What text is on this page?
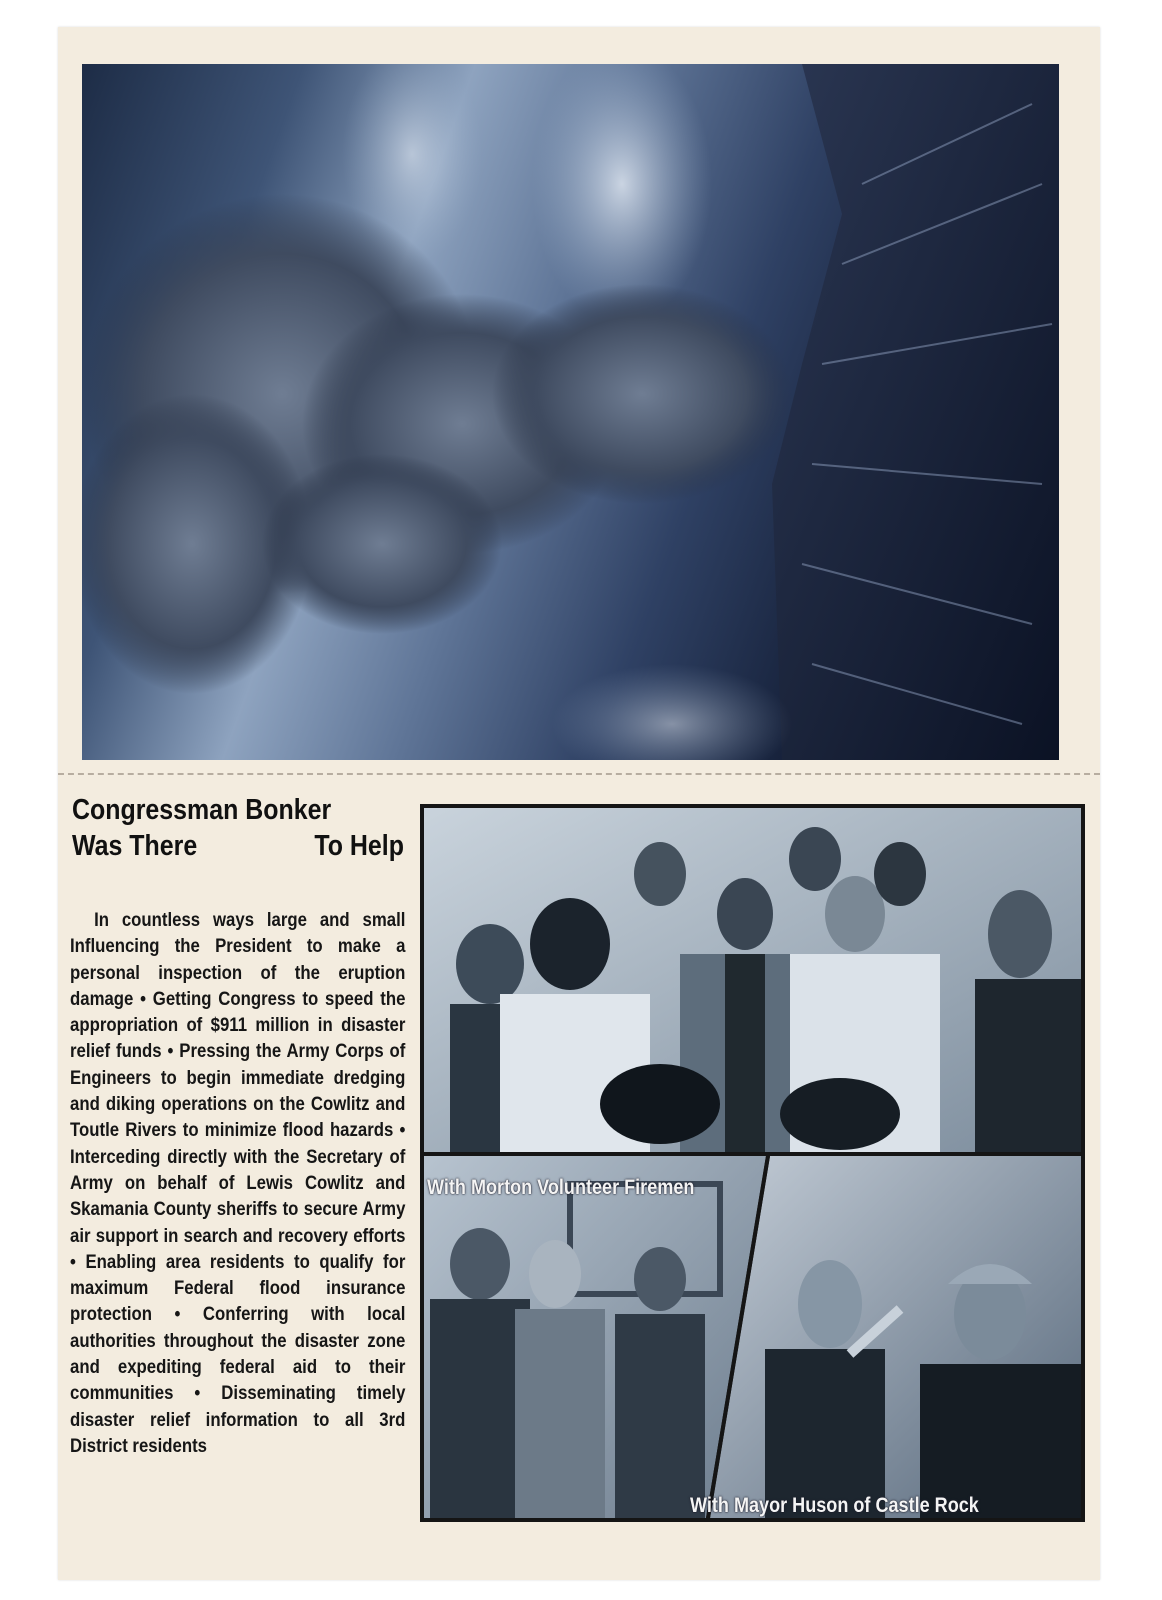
Congressman Bonker
Was There	To Help
In countless ways large and small Influencing the President to make a personal inspection of the eruption damage • Getting Congress to speed the appropriation of $911 million in disaster relief funds • Pressing the Army Corps of Engineers to begin immediate dredging and diking operations on the Cowlitz and Toutle Rivers to minimize flood hazards • Interceding directly with the Secretary of Army on behalf of Lewis Cowlitz and Skamania County sheriffs to secure Army air support in search and recovery efforts • Enabling area residents to qualify for maximum Federal flood insurance protection • Conferring with local authorities throughout the disaster zone and expediting federal aid to their communities • Disseminating timely disaster relief information to all 3rd District residents
With Morton Volunteer Firemen
With Mayor Huson of Castle Rock
